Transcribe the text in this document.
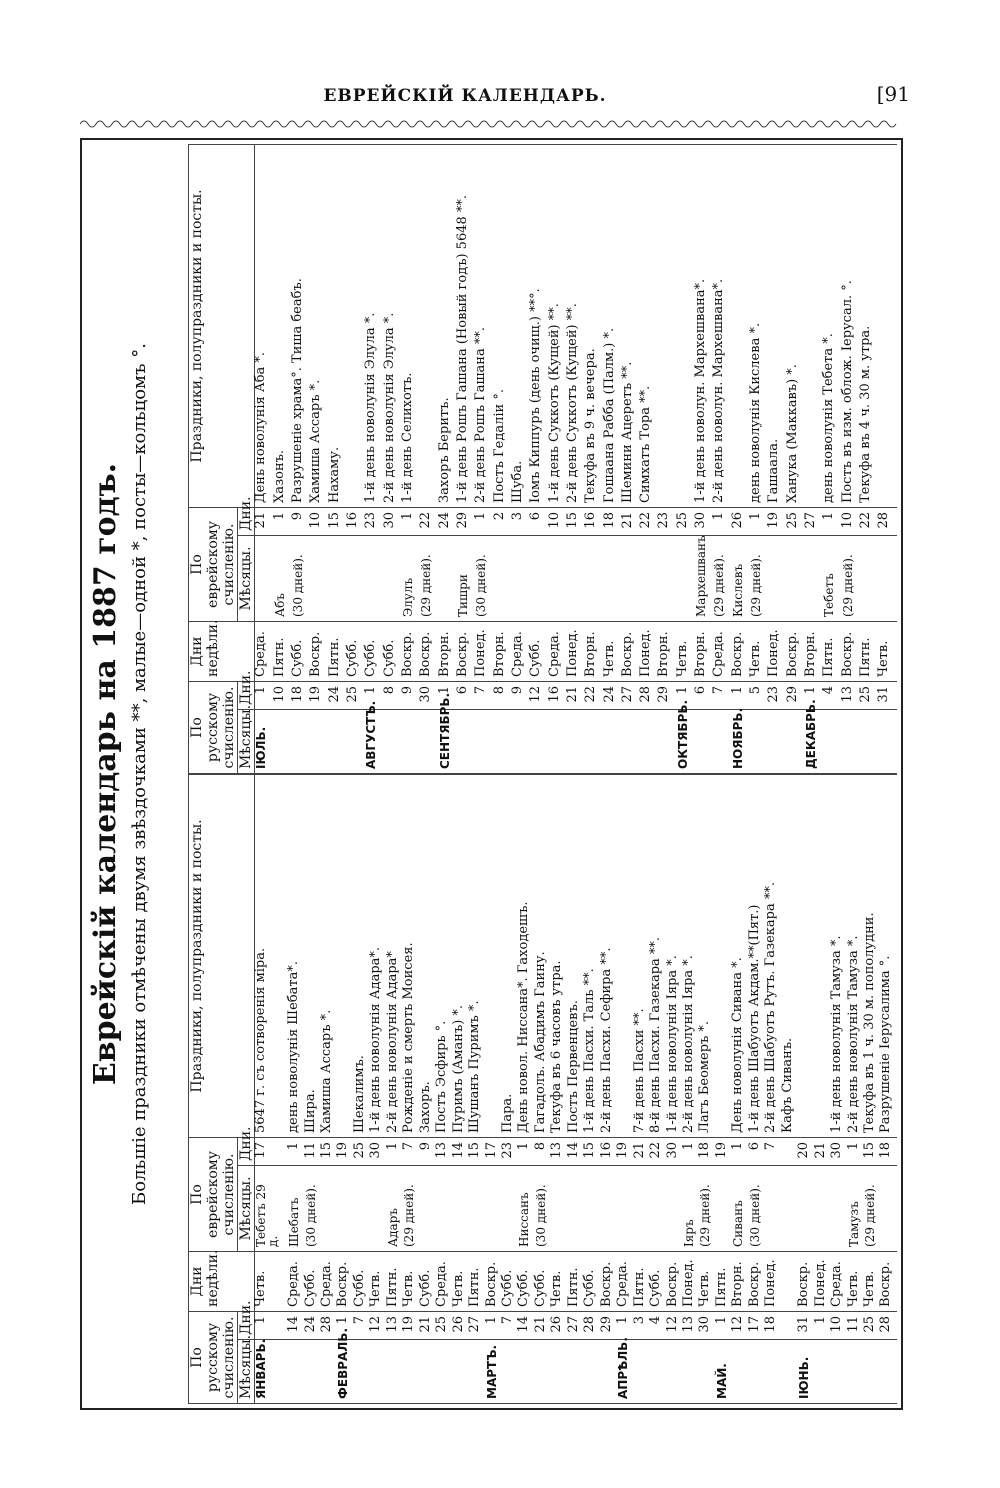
ЕВРЕЙСКІЙ КАЛЕНДАРЬ.	[91
Еврейскій календарь на 1887 годъ. Большіе праздники отмѣчены двумя звѣздочками **, малые—одной *, посты—кольцомъ °.
По русскому счисленію.		Дни
недѣли.	По еврейскому счисленію.		Праздники, полупраздники и посты.
Мѣсяцы.	Дни.		Мѣсяцы.	Дни.	
ЯНВАРЬ.	1	Четв.	Тебетъ 29 д.	17	5647 г. съ сотворенія міра.
	14	Среда.	Шебатъ	1	день новолунія Шебата*.
	24	Субб.	(30 дней).	11	Шира.
	28	Среда.		15	Хамиша Ассаръ *.
ФЕВРАЛЬ.	1	Воскр.		19	
	7	Субб.		25	Шекалимъ.
	12	Четв.		30	1-й день новолунія Адара*.
	13	Пятн.	Адаръ	1	2-й день новолунія Адара*
	19	Четв.	(29 дней).	7	Рожденіе и смерть Моисея.
	21	Субб.		9	Захоръ.
	25	Среда.		13	Постъ Эсфирь °.
	26	Четв.		14	Пуримъ (Аманъ) *.
	27	Пятн.		15	Шушанъ Пуримъ *.
МАРТЪ.	1	Воскр.		17	
	7	Субб.		23	Пара.
	14	Субб.	Ниссанъ	1	День новол. Ниссана*. Гаходешъ.
	21	Субб.	(30 дней).	8	Гагадолъ. Абадимъ Гаину.
	26	Четв.		13	Текуфа въ 6 часовъ утра.
	27	Пятн.		14	Постъ Первенцевъ.
	28	Субб.		15	1-й день Пасхи. Таль **.
	29	Воскр.		16	2-й день Пасхи. Сефира **.
АПРѢЛЬ.	1	Среда.		19	
	3	Пятн.		21	7-й день Пасхи **.
	4	Субб.		22	8-й день Пасхи. Газекара **.
	12	Воскр.		30	1-й день новолунія Іяра *.
	13	Понед.	Іяръ	1	2-й день новолунія Іяра *.
	30	Четв.	(29 дней).	18	Лагъ Беомеръ *.
МАЙ.	1	Пятн.		19	
	12	Вторн.	Сиванъ	1	День новолунія Сивана *.
	17	Воскр.	(30 дней).	6	1-й день Шабуотъ Акдам.**(Пят.)
	18	Понед.		7	2-й день Шабуотъ Рутъ. Газекара **.
					Кафъ Сиванъ.
ІЮНЬ.	31	Воскр.		20	
	1	Понед.		21	
	10	Среда.		30	1-й день новолунія Тамуза *.
	11	Четв.	Тамузъ	1	2-й день новолунія Тамуза *.
	25	Четв.	(29 дней).	15	Текуфа въ 1 ч. 30 м. пополудни.
	28	Воскр.		18	Разрушеніе Іерусалима °.
По русскому счисленію.		Дни
недѣли.	По еврейскому счисленію.		Праздники, полупраздники и посты.
Мѣсяцы.	Дни.		Мѣсяцы.	Дни.	
ІЮЛЬ.	1	Среда.		21	День новолунія Аба *.
	10	Пятн.	Абъ	1	Хазонъ.
	18	Субб.	(30 дней).	9	Разрушеніе храма°. Тиша беабъ.
	19	Воскр.		10	Хамиша Ассаръ *.
	24	Пятн.		15	Нахаму.
	25	Субб.		16	
АВГУСТЪ.	1	Субб.		23	1-й день новолунія Элула *.
	8	Субб.		30	2-й день новолунія Элула *.
	9	Воскр.	Элулъ	1	1-й день Селихотъ.
	30	Воскр.	(29 дней).	22	
СЕНТЯБРЬ.	1	Вторн.		24	Захоръ Беритъ.
	6	Воскр.	Тишри	29	1-й день Рошъ Гашана (Новый годъ) 5648 **.
	7	Понед.	(30 дней).	1	2-й день Рошъ Гашана **.
	8	Вторн.		2	Постъ Гедаліи °.
	9	Среда.		3	Шуба.
	12	Субб.		6	Іомъ Киппуръ (день очищ.) **°.
	16	Среда.		10	1-й день Суккотъ (Кущей) **.
	21	Понед.		15	2-й день Суккотъ (Кущей) **.
	22	Вторн.		16	Текуфа въ 9 ч. вечера.
	24	Четв.		18	Гошаана Рабба (Палм.) *.
	27	Воскр.		21	Шемини Ацеретъ **.
	28	Понед.		22	Симхатъ Тора **.
	29	Вторн.		23	
ОКТЯБРЬ.	1	Четв.		25	
	6	Вторн.	Мархешванъ	30	1-й день новолун. Мархешвана*.
	7	Среда.	(29 дней).	1	2-й день новолун. Мархешвана*.
НОЯБРЬ.	1	Воскр.	Кислевъ	26	
	5	Четв.	(29 дней).	1	день новолунія Кислева *.
	23	Понед.		19	Гашаала.
	29	Воскр.		25	Ханука (Маккавъ) *.
ДЕКАБРЬ.	1	Вторн.		27	
	4	Пятн.	Тебетъ	1	день новолунія Тебета *.
	13	Воскр.	(29 дней).	10	Постъ въ изм. облож. Іерусал. °.
	25	Пятн.		22	Текуфа въ 4 ч. 30 м. утра.
	31	Четв.		28	
